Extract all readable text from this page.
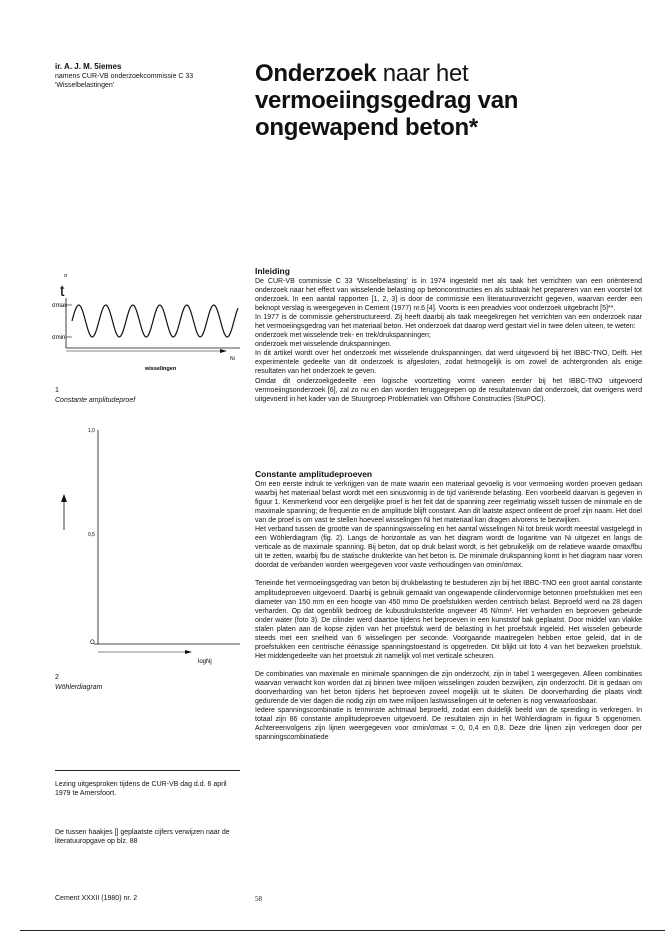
ir. A. J. M. 5iemes
namens CUR-VB onderzoekcommissie C 33
'Wisselbelastingen'	Onderzoek naar het
vermoeiingsgedrag van
ongewapend beton*
σ
t
σmax
σmin
Ni
wisselingen
1
Constante amplitudeproef
1,0
0,5
O
logNj
2
Wöhlerdiagram
Lezing uitgesproken tijdens de CUR-VB dag d.d. 6 april 1979 te Amersfoort.
De tussen haakjes [] geplaatste cijfers verwijzen naar de literatuuropgave op blz. 88
Inleiding

De CUR-VB commissie C 33 'Wisselbelasting' is in 1974 ingesteld met als taak het verrichten van een oriënterend onderzoek naar het effect van wisselende belasting op betonconstructies en als subtaak het prepareren van een voorstel tot onderzoek. In een aantal rapporten [1, 2, 3] is door de commissie een literatuuroverzicht gegeven, waarvan eerder een beknopt verslag is weergegeven in Cement (1977) nr.6 [4]. Voorts is een preadvies voor onderzoek uitgebracht [5]**.

In 1977 is de commissie geherstructureerd. Zij heeft daarbij als taak meegekregen het verrichten van een onderzoek naar het vermoeiingsgedrag van het materiaal beton. Het onderzoek dat daarop werd gestart viel in twee delen uiteen, te weten:

onderzoek met wisselende trek- en trek/drukspanningen;

onderzoek met wisselende drukspanningen.

In dit artikel wordt over het onderzoek met wisselende drukspanningen, dat werd uitgevoerd bij het IBBC-TNO, Delft. Het experimentele gedeelte van dit onderzoek is afgesloten, zodat hetmogelijk is om zowel de achtergronden als enige resultaten van het onderzoek te geven.

Omdat dit onderzoekgedeelte een logische voortzetting vormt vaneen eerder bij het IBBC-TNO uitgevoerd vermoeiingsonderzoek [6], zal zo nu en dan worden teruggegrepen op de resultatenvan dat onderzoek, dat overigens werd uitgevoerd in het kader van de Stuurgroep Problematiek van Offshore Constructies (StuPOC).

Constante amplitudeproeven

Om een eerste indruk te verkrijgen van de mate waarin een materiaal gevoelig is voor vermoeiing worden proeven gedaan waarbij het materiaal belast wordt met een sinusvormig in de tijd variërende belasting. Een voorbeeld daarvan is gegeven in figuur 1. Kenmerkend voor een dergelijke proef is het feit dat de spanning zeer regelmatig wisselt tussen de minimale en de maximale spanning; de frequentie en de amplitude blijft constant. Aan dit laatste aspect ontleent de proef zijn naam. Het doel van de proef is om vast te stellen hoeveel wisselingen Ni het materiaal kan dragen alvorens te bezwijken.

Het verband tussen de grootte van de spanningswisseling en het aantal wisselingen Ni tot breuk wordt meestal vastgelegd in een Wöhlerdiagram (fig. 2). Langs de horizontale as van het diagram wordt de logaritme van Ni uitgezet en langs de verticale as de maximale spanning. Bij beton, dat op druk belast wordt, is het gebruikelijk om de relatieve waarde σmax/fbu uit te zetten, waarbij fbu de statische drukterkte van het beton is. De minimale drukspanning komt in het diagram naar voren doordat de verbanden worden weergegeven voor vaste verhoudingen van σmin/σmax.

Teneinde het vermoeiingsgedrag van beton bij drukbelasting te bestuderen zijn bij het IBBC-TNO een groot aantal constante amplitudeproeven uitgevoerd. Daarbij is gebruik gemaakt van ongewapende cilindervormige betonnen proefstukken met een diameter van 150 mm en een hoogte van 450 mmo De proefstukken werden centrisch belast. Beproefd werd na 28 dagen verharden. Op dat ogenblik bedroeg de kubusdrukststerkte ongeveer 45 N/mm². Het verharden en beproeven gebeurde onder water (foto 3). De cilinder werd daartoe tijdens het beproeven in een kunststof bak geplaatst. Door middel van vlakke stalen platen aan de kopse zijden van het proefstuk werd de belasting in het proefstuk ingeleid. Het wisselen gebeurde steeds met een snelheid van 6 wisselingen per seconde. Voorgaande maatregelen hebben ertoe geleid, dat in de proefstukken een centrische éénassige spanningstoestand is opgetreden. Dit blijkt uit foto 4 van het bezweken proefstuk. Het middengedeelte van het proetstuk zit namelijk vol met verticale scheuren.

De combinaties van maximale en minimale spanningen die zijn onderzocht, zijn in tabel 1 weergegeven. Alleen combinaties waarvan verwacht kon worden dat zij binnen twee miljoen wisselingen zouden bezwijken, zijn onderzocht. Dit is gedaan om doorverharding van het beton tijdens het beproeven zoveel mogelijk uit te sluiten. De doorverharding die plaats vindt gedurende de vier dagen die nodig zijn om twee miljoen lastwisselingen uit te oefenen is nog verwaarloosbaar.

Iedere spanningscombinatie is tenminste achtmaal beproefd, zodat een duidelijk beeld van de spreiding is verkregen. In totaal zijn 86 constante amplitudeproeven uitgevoerd. De resultaten zijn in het Wöhlerdiagram in figuur 5 opgenomen. Achtereenvolgens zijn lijnen weergegeven voor σmin/σmax = 0, 0,4 en 0,8. Deze drie lijnen zijn verkregen door per spanningscombinatiede

Cement XXXII (1980) nr. 2	58
